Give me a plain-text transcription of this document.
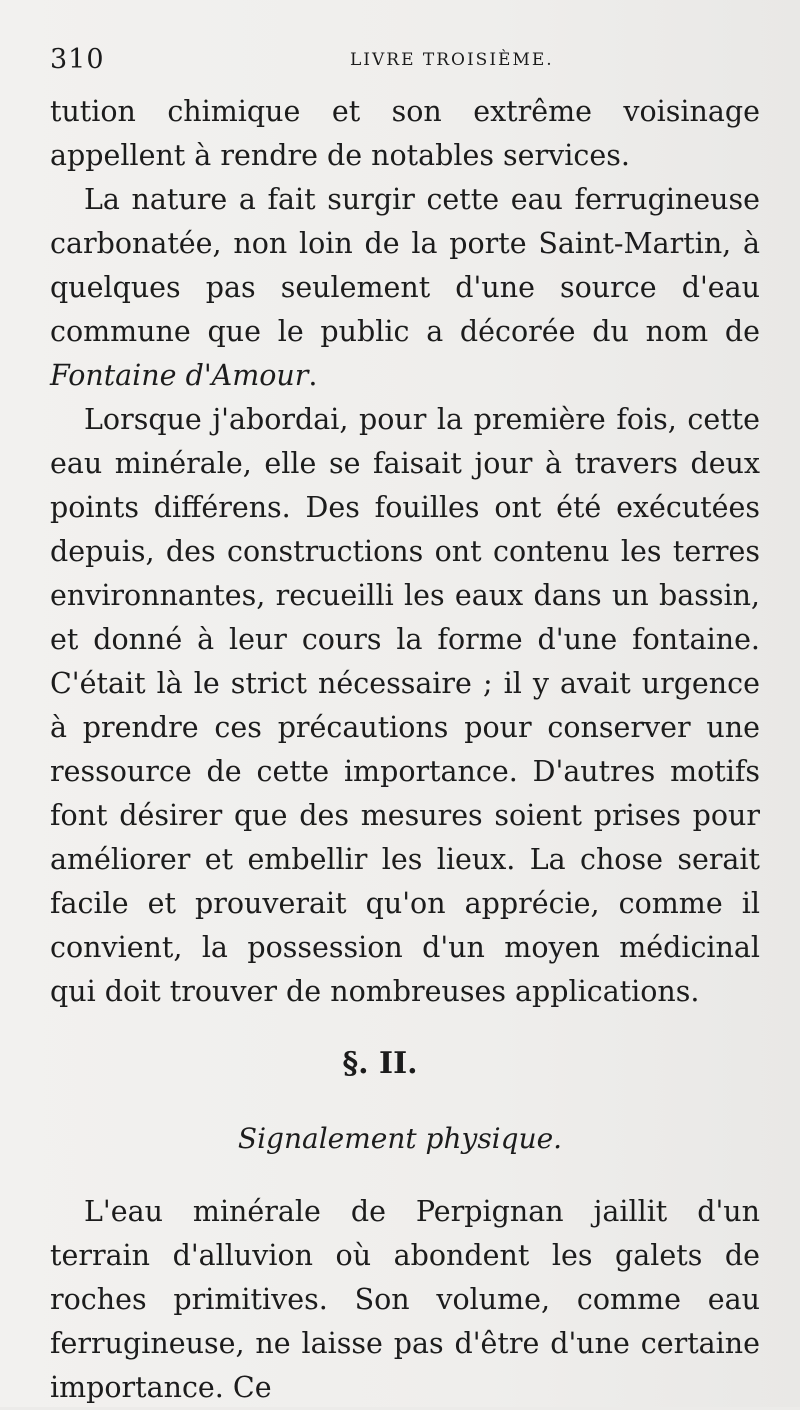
310	LIVRE TROISIÈME.

tution chimique et son extrême voisinage appellent à rendre de notables services.

La nature a fait surgir cette eau ferrugineuse carbonatée, non loin de la porte Saint-Martin, à quelques pas seulement d'une source d'eau commune que le public a décorée du nom de Fontaine d'Amour.

Lorsque j'abordai, pour la première fois, cette eau minérale, elle se faisait jour à travers deux points différens. Des fouilles ont été exécutées depuis, des constructions ont contenu les terres environnantes, recueilli les eaux dans un bassin, et donné à leur cours la forme d'une fontaine. C'était là le strict nécessaire ; il y avait urgence à prendre ces précautions pour conserver une ressource de cette importance. D'autres motifs font désirer que des mesures soient prises pour améliorer et embellir les lieux. La chose serait facile et prouverait qu'on apprécie, comme il convient, la possession d'un moyen médicinal qui doit trouver de nombreuses applications.

§. II.
Signalement physique.

L'eau minérale de Perpignan jaillit d'un terrain d'alluvion où abondent les galets de roches primitives. Son volume, comme eau ferrugineuse, ne laisse pas d'être d'une certaine importance. Ce
